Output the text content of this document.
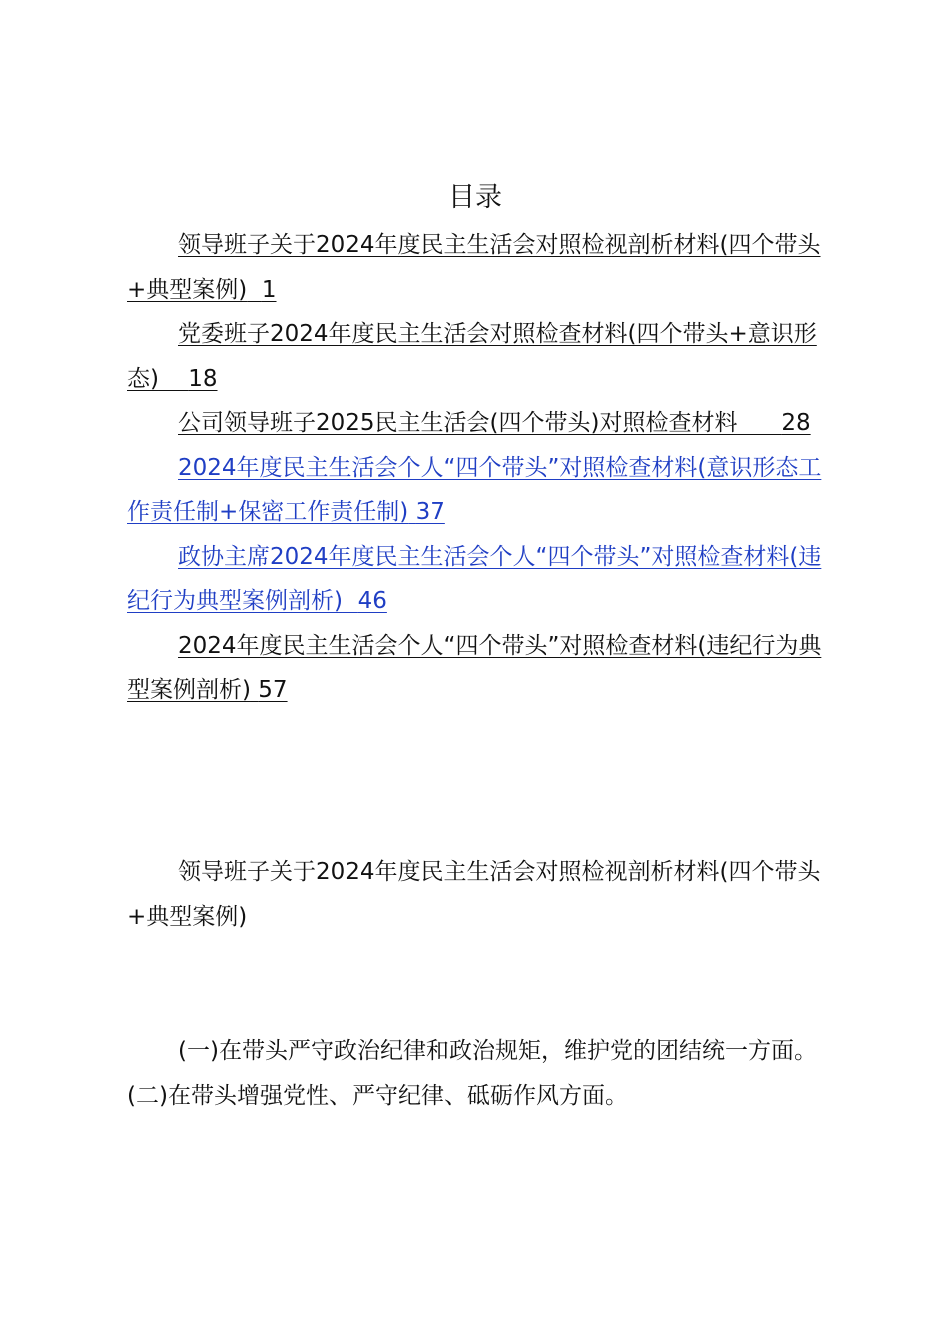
目录
领导班子关于2024年度民主生活会对照检视剖析材料(四个带头+典型案例) 1
党委班子2024年度民主生活会对照检查材料(四个带头+意识形态) 18
公司领导班子2025民主生活会(四个带头)对照检查材料 28
2024年度民主生活会个人“四个带头”对照检查材料(意识形态工作责任制+保密工作责任制) 37
政协主席2024年度民主生活会个人“四个带头”对照检查材料(违纪行为典型案例剖析) 46
2024年度民主生活会个人“四个带头”对照检查材料(违纪行为典型案例剖析) 57
领导班子关于2024年度民主生活会对照检视剖析材料(四个带头+典型案例)
(一)在带头严守政治纪律和政治规矩，维护党的团结统一方面。(二)在带头增强党性、严守纪律、砥砺作风方面。
